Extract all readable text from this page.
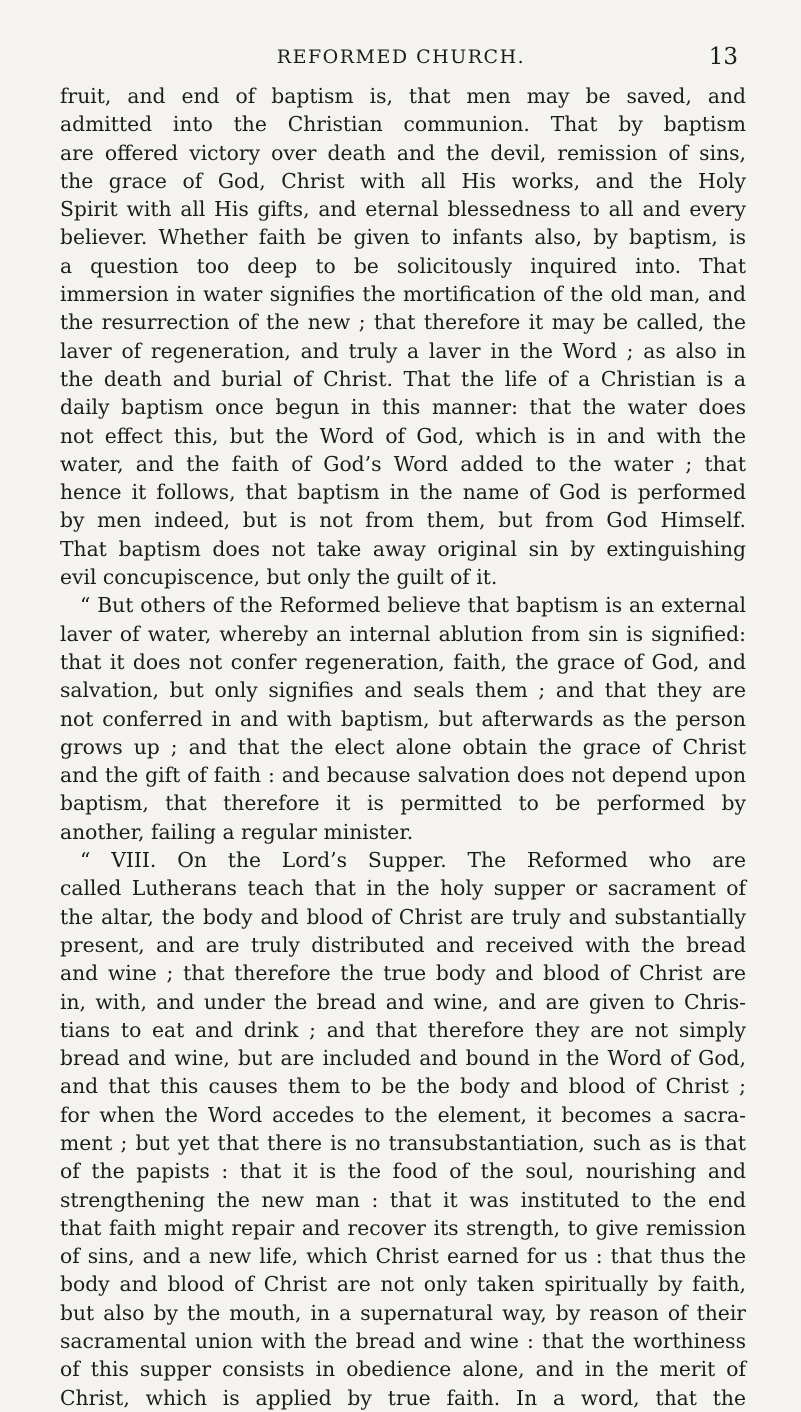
REFORMED CHURCH.	13
fruit, and end of baptism is, that men may be saved, and
admitted into the Christian communion. That by baptism
are offered victory over death and the devil, remission of sins,
the grace of God, Christ with all His works, and the Holy
Spirit with all His gifts, and eternal blessedness to all and every
believer. Whether faith be given to infants also, by baptism, is
a question too deep to be solicitously inquired into. That
immersion in water signifies the mortification of the old man, and
the resurrection of the new ; that therefore it may be called, the
laver of regeneration, and truly a laver in the Word ; as also in
the death and burial of Christ. That the life of a Christian is a
daily baptism once begun in this manner: that the water does
not effect this, but the Word of God, which is in and with the
water, and the faith of God’s Word added to the water ; that
hence it follows, that baptism in the name of God is performed
by men indeed, but is not from them, but from God Himself.
That baptism does not take away original sin by extinguishing
evil concupiscence, but only the guilt of it.
“ But others of the Reformed believe that baptism is an external
laver of water, whereby an internal ablution from sin is signified:
that it does not confer regeneration, faith, the grace of God, and
salvation, but only signifies and seals them ; and that they are
not conferred in and with baptism, but afterwards as the person
grows up ; and that the elect alone obtain the grace of Christ
and the gift of faith : and because salvation does not depend upon
baptism, that therefore it is permitted to be performed by
another, failing a regular minister.
“ VIII. On the Lord’s Supper. The Reformed who are
called Lutherans teach that in the holy supper or sacrament of
the altar, the body and blood of Christ are truly and substantially
present, and are truly distributed and received with the bread
and wine ; that therefore the true body and blood of Christ are
in, with, and under the bread and wine, and are given to Chris-
tians to eat and drink ; and that therefore they are not simply
bread and wine, but are included and bound in the Word of God,
and that this causes them to be the body and blood of Christ ;
for when the Word accedes to the element, it becomes a sacra-
ment ; but yet that there is no transubstantiation, such as is that
of the papists : that it is the food of the soul, nourishing and
strengthening the new man : that it was instituted to the end
that faith might repair and recover its strength, to give remission
of sins, and a new life, which Christ earned for us : that thus the
body and blood of Christ are not only taken spiritually by faith,
but also by the mouth, in a supernatural way, by reason of their
sacramental union with the bread and wine : that the worthiness
of this supper consists in obedience alone, and in the merit of
Christ, which is applied by true faith. In a word, that the
